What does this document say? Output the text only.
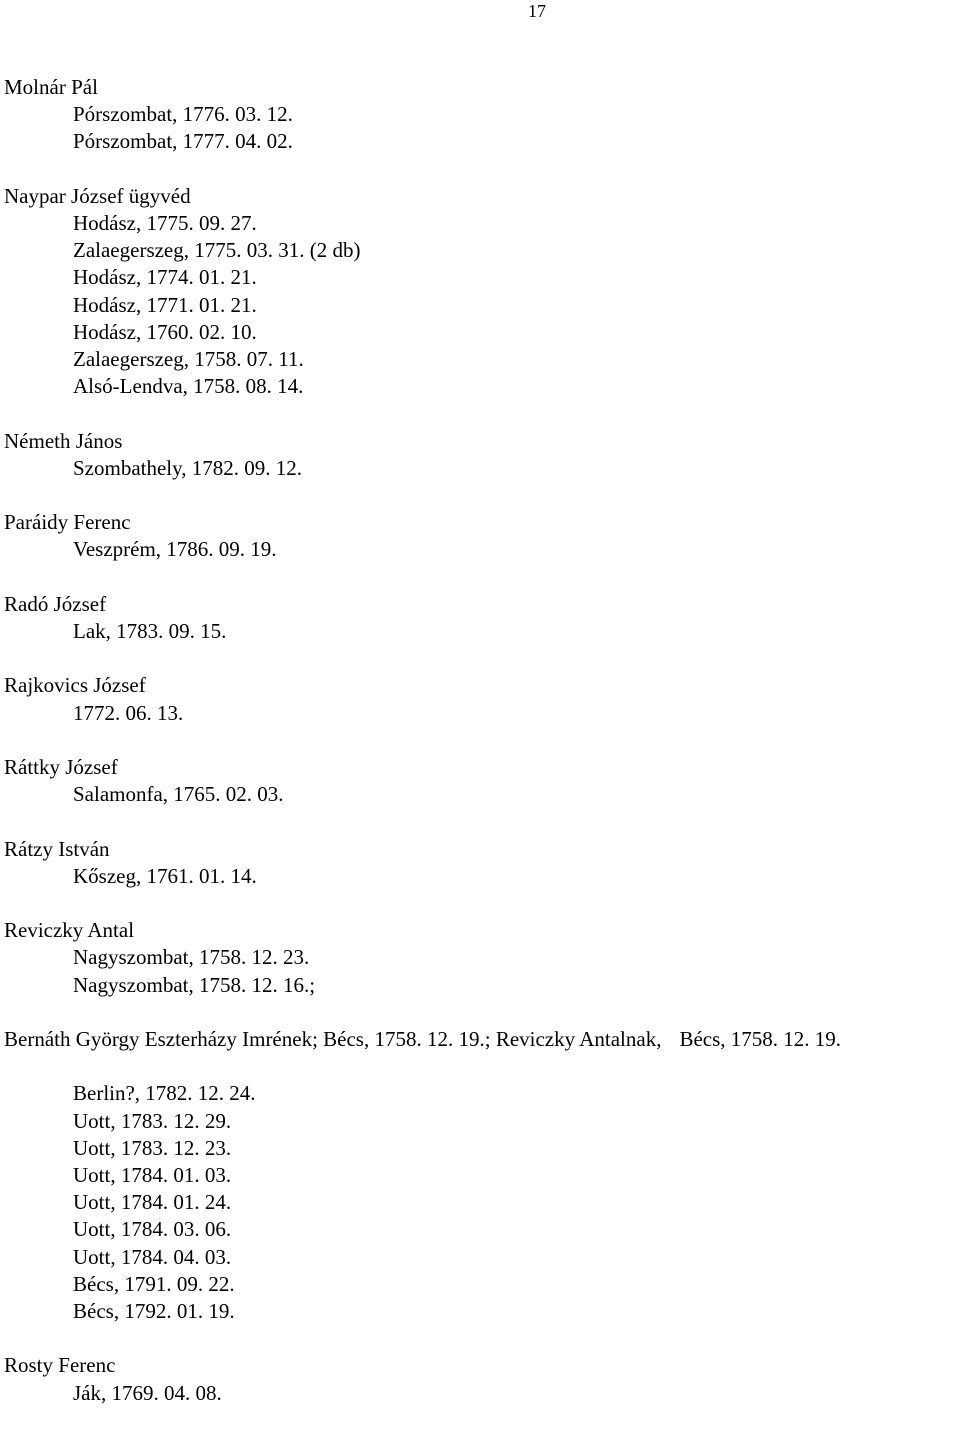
17
Molnár Pál
Pórszombat, 1776. 03. 12.
Pórszombat, 1777. 04. 02.
Naypar József ügyvéd
Hodász, 1775. 09. 27.
Zalaegerszeg, 1775. 03. 31. (2 db)
Hodász, 1774. 01. 21.
Hodász, 1771. 01. 21.
Hodász, 1760. 02. 10.
Zalaegerszeg, 1758. 07. 11.
Alsó-Lendva, 1758. 08. 14.
Németh János
Szombathely, 1782. 09. 12.
Paráidy Ferenc
Veszprém, 1786. 09. 19.
Radó József
Lak, 1783. 09. 15.
Rajkovics József
1772. 06. 13.
Ráttky József
Salamonfa, 1765. 02. 03.
Rátzy István
Kőszeg, 1761. 01. 14.
Reviczky Antal
Nagyszombat, 1758. 12. 23.
Nagyszombat, 1758. 12. 16.;
Bernáth György Eszterházy Imrének; Bécs, 1758. 12. 19.; Reviczky Antalnak, Bécs, 1758. 12. 19.
Berlin?, 1782. 12. 24.
Uott, 1783. 12. 29.
Uott, 1783. 12. 23.
Uott, 1784. 01. 03.
Uott, 1784. 01. 24.
Uott, 1784. 03. 06.
Uott, 1784. 04. 03.
Bécs, 1791. 09. 22.
Bécs, 1792. 01. 19.
Rosty Ferenc
Ják, 1769. 04. 08.
